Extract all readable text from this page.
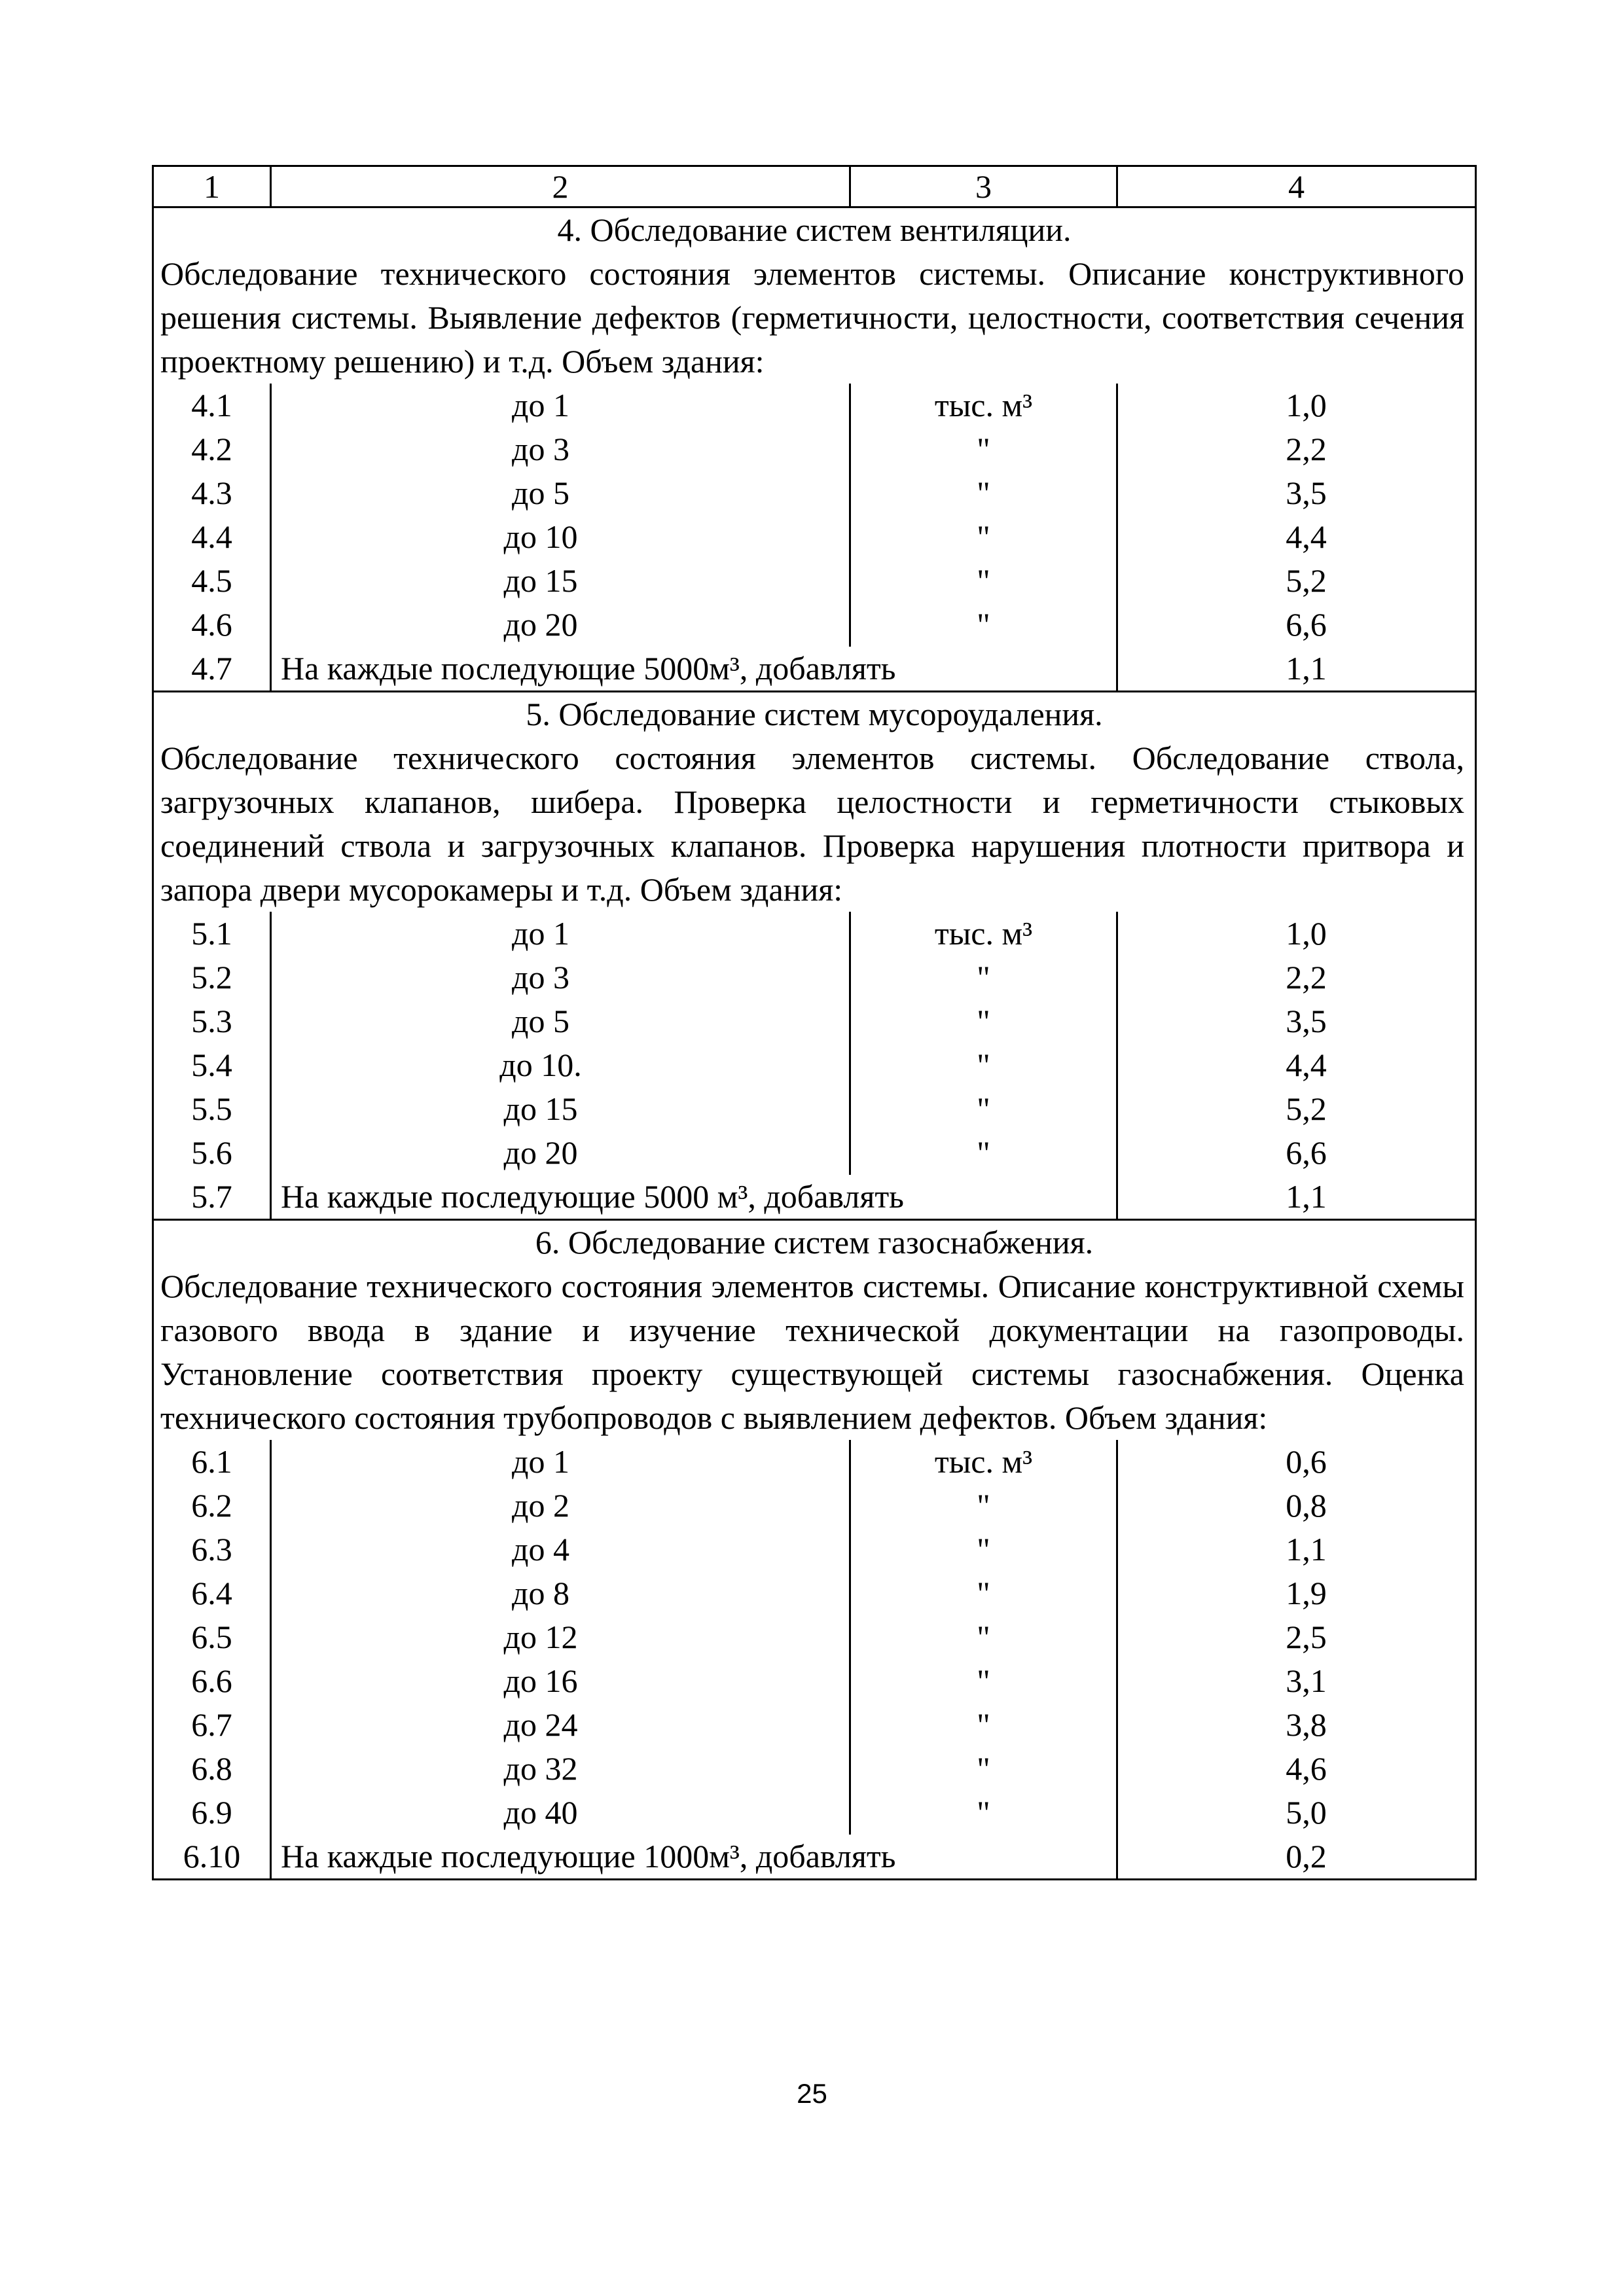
1	2	3	4
4. Обследование систем вентиляции.			
Обследование технического состояния элементов системы. Описание конструктивного решения системы. Выявление дефектов (герметичности, целостности, соответствия сечения проектному решению) и т.д. Объем здания:			
4.1	до 1	тыс. м³	1,0
4.2	до 3	"	2,2
4.3	до 5	"	3,5
4.4	до 10	"	4,4
4.5	до 15	"	5,2
4.6	до 20	"	6,6
4.7	На каждые последующие 5000м³, добавлять		1,1
5. Обследование систем мусороудаления.			
Обследование технического состояния элементов системы. Обследование ствола, загрузочных клапанов, шибера. Проверка целостности и герметичности стыковых соединений ствола и загрузочных клапанов. Проверка нарушения плотности притвора и запора двери мусорокамеры и т.д. Объем здания:			
5.1	до 1	тыс. м³	1,0
5.2	до 3	"	2,2
5.3	до 5	"	3,5
5.4	до 10.	"	4,4
5.5	до 15	"	5,2
5.6	до 20	"	6,6
5.7	На каждые последующие 5000 м³, добавлять		1,1
6. Обследование систем газоснабжения.			
Обследование технического состояния элементов системы. Описание конструктивной схемы газового ввода в здание и изучение технической документации на газопроводы. Установление соответствия проекту существующей системы газоснабжения. Оценка технического состояния трубопроводов с выявлением дефектов. Объем здания:			
6.1	до 1	тыс. м³	0,6
6.2	до 2	"	0,8
6.3	до 4	"	1,1
6.4	до 8	"	1,9
6.5	до 12	"	2,5
6.6	до 16	"	3,1
6.7	до 24	"	3,8
6.8	до 32	"	4,6
6.9	до 40	"	5,0
6.10	На каждые последующие 1000м³, добавлять		0,2
25
